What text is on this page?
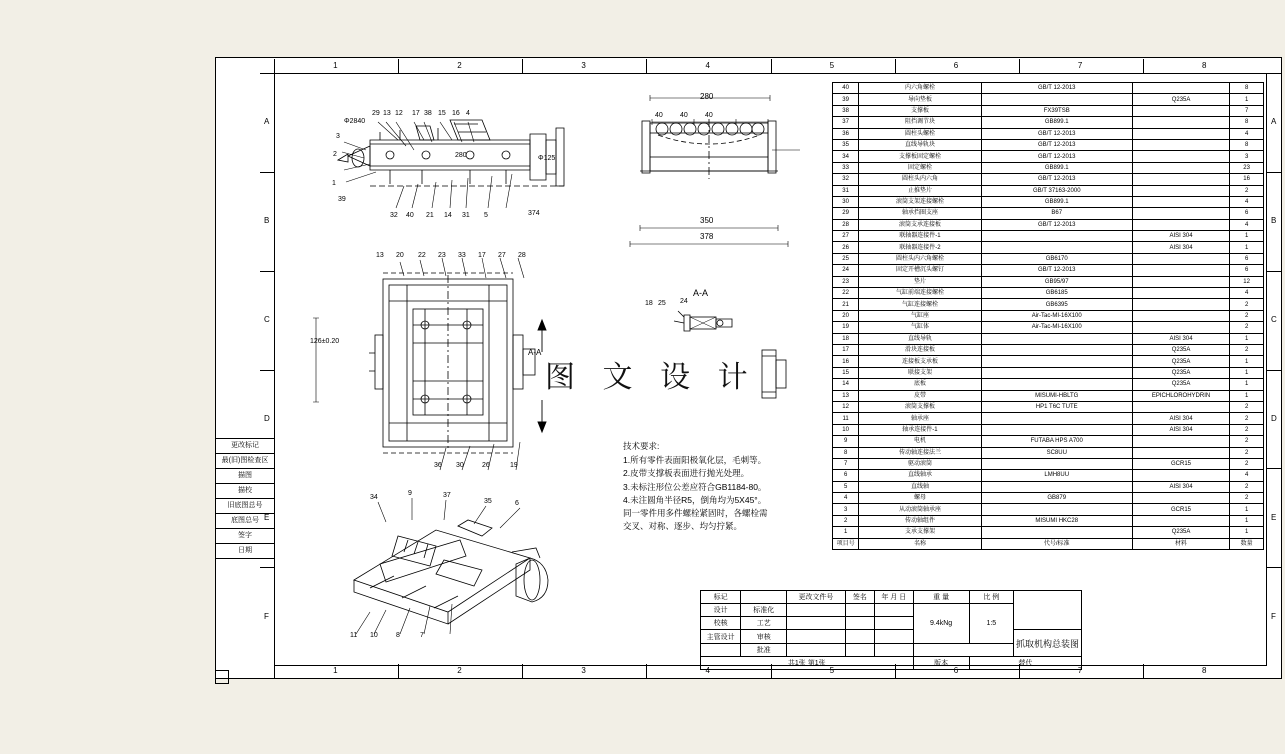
1	2	3	4	5	6	7	8
1	2	3	4	5	6	7	8
A
B
C
D
E
F
A
B
C
D
E
F
更改标记
最(旧)图检查区
描图
描校
旧底图总号
底图总号
签字
日期
29 13 12 17 38 15 16 4
3
2
1
39
32 40 21 14 31 5
Φ2840
374
Φ125
280
13 20 22 23 33 17 27 28
36 30	26	19
126±0.20
280
40 40 40
350
378
A-A
18 25 24
A-A
34
9	37
35	6
11 10	8	7
40	内六角螺栓	GB/T 12-2013		8
39	导向垫板		Q235A	1
38	支撑板	FX39TSB		7
37	阻挡调节块	GB899.1		8
36	圆柱头螺栓	GB/T 12-2013		4
35	直线导轨块	GB/T 12-2013		8
34	支撑板固定螺栓	GB/T 12-2013		3
33	固定螺栓	GB899.1		23
32	圆柱头内六角	GB/T 12-2013		16
31	止推垫片	GB/T 37163-2000		2
30	滚筒支架连接螺栓	GB899.1		4
29	轴承挡圈支座	B67		6
28	滚筒支承连接板	GB/T 12-2013		4
27	联轴器连接件-1		AISI 304	1
26	联轴器连接件-2		AISI 304	1
25	圆柱头内六角螺栓	GB6170		6
24	固定开槽沉头螺钉	GB/T 12-2013		6
23	垫片	GB95/97		12
22	气缸前端连接螺栓	GB6185		4
21	气缸连接螺栓	GB6395		2
20	气缸座	Air-Tac-MI-16X100		2
19	气缸体	Air-Tac-MI-16X100		2
18	直线导轨		AISI 304	1
17	滑块连接板		Q235A	2
16	连接板支承板		Q235A	1
15	联接支架		Q235A	1
14	底板		Q235A	1
13	皮带	MISUMI-HBLTG	EPICHLOROHYDRIN	1
12	滚筒支撑板	HP1 T6C TUTE		2
11	轴承座		AISI 304	2
10	轴承连接件-1		AISI 304	2
9	电机	FUTABA HPS A700		2
8	传动轴连接法兰	SC8UU		2
7	驱动滚筒		GCR15	2
6	直线轴承	LMH8UU		4
5	直线轴		AISI 304	2
4	螺母	GB879		2
3	从动滚筒轴承座		GCR15	1
2	传动轴组件	MISUMI HKC28		1
1	支承支撑架		Q235A	1
项目号	名称	代号/标准	材料	数量
技术要求:
1.所有零件表面阳极氧化层，毛刺等。
2.皮带支撑板表面进行抛光处理。
3.未标注形位公差应符合GB1184-80。
4.未注圆角半径R5，倒角均为5X45°。
同一零件用多件螺栓紧固时，各螺栓需
交叉、对称、逐步、均匀拧紧。
图 文 设 计
标记		更改文件号	签名	年 月 日	重 量	比 例	
设计	标准化				9.4kNg	1:5	
校核	工艺						
主管设计	审核						抓取机构总装图
	批准						
共1张 第1张					版本	替代	
